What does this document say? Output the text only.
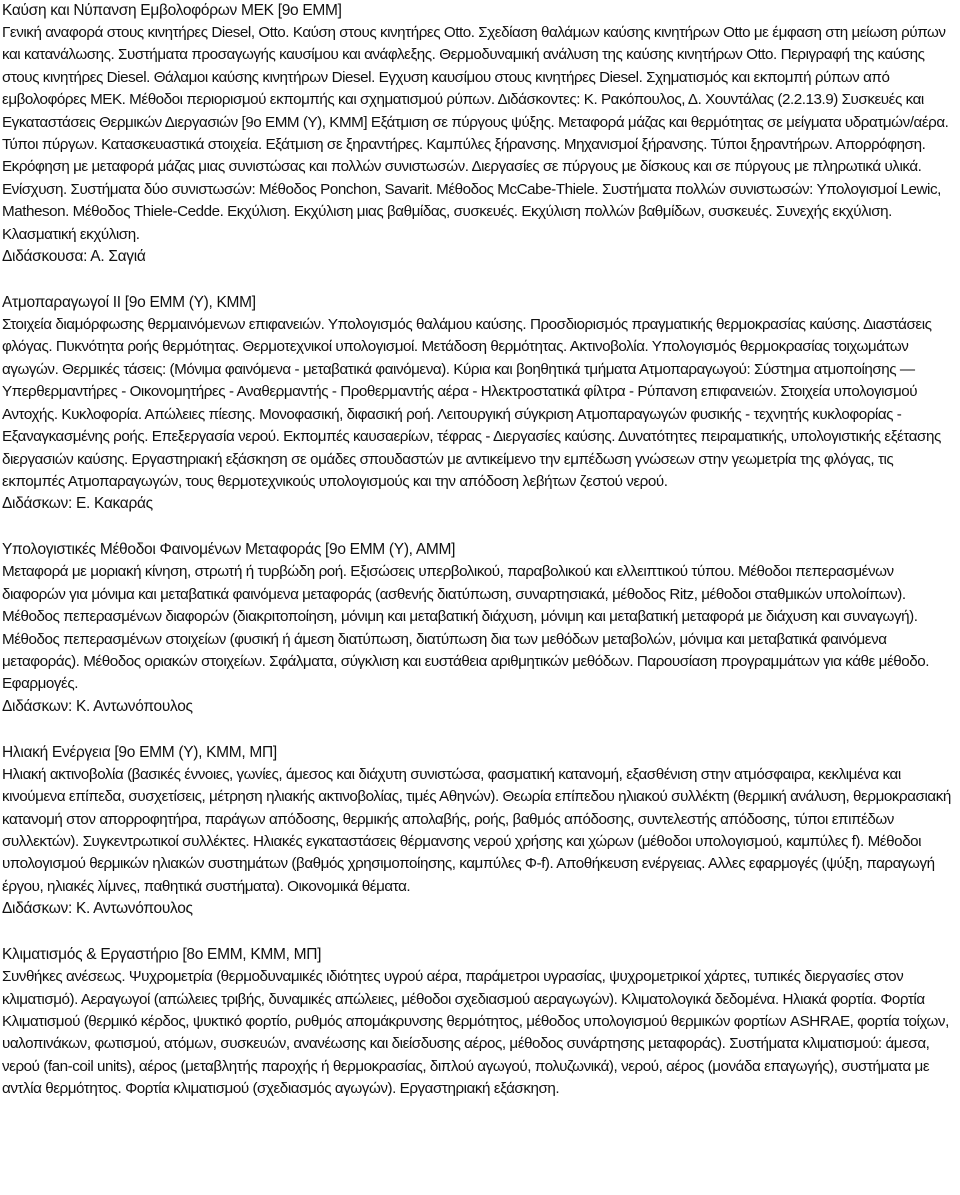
Καύση και Νύπανση Εμβολοφόρων ΜΕΚ [9ο ΕΜΜ]

Γενική αναφορά στους κινητήρες Diesel, Otto. Καύση στους κινητήρες Otto. Σχεδίαση θαλάμων καύσης κινητήρων Otto με έμφαση στη μείωση ρύπων και κατανάλωσης. Συστήματα προσαγωγής καυσίμου και ανάφλεξης. Θερμοδυναμική ανάλυση της καύσης κινητήρων Otto. Περιγραφή της καύσης στους κινητήρες Diesel. Θάλαμοι καύσης κινητήρων Diesel. Εγχυση καυσίμου στους κινητήρες Diesel. Σχηματισμός και εκπομπή ρύπων από εμβολοφόρες ΜΕΚ. Μέθοδοι περιορισμού εκπομπής και σχηματισμού ρύπων. Διδάσκοντες: Κ. Ρακόπουλος, Δ. Χουντάλας (2.2.13.9) Συσκευές και Εγκαταστάσεις Θερμικών Διεργασιών [9ο ΕΜΜ (Υ), ΚΜΜ] Εξάτμιση σε πύργους ψύξης. Μεταφορά μάζας και θερμότητας σε μείγματα υδρατμών/αέρα. Τύποι πύργων. Κατασκευαστικά στοιχεία. Εξάτμιση σε ξηραντήρες. Καμπύλες ξήρανσης. Μηχανισμοί ξήρανσης. Τύποι ξηραντήρων. Απορρόφηση. Εκρόφηση με μεταφορά μάζας μιας συνιστώσας και πολλών συνιστωσών. Διεργασίες σε πύργους με δίσκους και σε πύργους με πληρωτικά υλικά. Ενίσχυση. Συστήματα δύο συνιστωσών: Μέθοδος Ponchon, Savarit. Μέθοδος McCabe-Thiele. Συστήματα πολλών συνιστωσών: Υπολογισμοί Lewic, Matheson. Μέθοδος Thiele-Cedde. Εκχύλιση. Εκχύλιση μιας βαθμίδας, συσκευές. Εκχύλιση πολλών βαθμίδων, συσκευές. Συνεχής εκχύλιση. Κλασματική εκχύλιση.

Διδάσκουσα: Α. Σαγιά

Ατμοπαραγωγοί ΙΙ [9ο ΕΜΜ (Υ), ΚΜΜ]

Στοιχεία διαμόρφωσης θερμαινόμενων επιφανειών. Υπολογισμός θαλάμου καύσης. Προσδιορισμός πραγματικής θερμοκρασίας καύσης. Διαστάσεις φλόγας. Πυκνότητα ροής θερμότητας. Θερμοτεχνικοί υπολογισμοί. Μετάδοση θερμότητας. Ακτινοβολία. Υπολογισμός θερμοκρασίας τοιχωμάτων αγωγών. Θερμικές τάσεις: (Μόνιμα φαινόμενα - μεταβατικά φαινόμενα). Κύρια και βοηθητικά τμήματα Ατμοπαραγωγού: Σύστημα ατμοποίησης — Υπερθερμαντήρες - Οικονομητήρες - Αναθερμαντής - Προθερμαντής αέρα - Ηλεκτροστατικά φίλτρα - Ρύπανση επιφανειών. Στοιχεία υπολογισμού Αντοχής. Κυκλοφορία. Απώλειες πίεσης. Μονοφασική, διφασική ροή. Λειτουργική σύγκριση Ατμοπαραγωγών φυσικής - τεχνητής κυκλοφορίας - Εξαναγκασμένης ροής. Επεξεργασία νερού. Εκπομπές καυσαερίων, τέφρας - Διεργασίες καύσης. Δυνατότητες πειραματικής, υπολογιστικής εξέτασης διεργασιών καύσης. Εργαστηριακή εξάσκηση σε ομάδες σπουδαστών με αντικείμενο την εμπέδωση γνώσεων στην γεωμετρία της φλόγας, τις εκπομπές Ατμοπαραγωγών, τους θερμοτεχνικούς υπολογισμούς και την απόδοση λεβήτων ζεστού νερού.

Διδάσκων: Ε. Κακαράς

Υπολογιστικές Μέθοδοι Φαινομένων Μεταφοράς [9ο ΕΜΜ (Υ), ΑΜΜ]

Μεταφορά με μοριακή κίνηση, στρωτή ή τυρβώδη ροή. Εξισώσεις υπερβολικού, παραβολικού και ελλειπτικού τύπου. Μέθοδοι πεπερασμένων διαφορών για μόνιμα και μεταβατικά φαινόμενα μεταφοράς (ασθενής διατύπωση, συναρτησιακά, μέθοδος Ritz, μέθοδοι σταθμικών υπολοίπων). Μέθοδος πεπερασμένων διαφορών (διακριτοποίηση, μόνιμη και μεταβατική διάχυση, μόνιμη και μεταβατική μεταφορά με διάχυση και συναγωγή). Μέθοδος πεπερασμένων στοιχείων (φυσική ή άμεση διατύπωση, διατύπωση δια των μεθόδων μεταβολών, μόνιμα και μεταβατικά φαινόμενα μεταφοράς). Μέθοδος οριακών στοιχείων. Σφάλματα, σύγκλιση και ευστάθεια αριθμητικών μεθόδων. Παρουσίαση προγραμμάτων για κάθε μέθοδο. Εφαρμογές.

Διδάσκων: Κ. Αντωνόπουλος

Ηλιακή Ενέργεια [9ο ΕΜΜ (Υ), ΚΜΜ, ΜΠ]

Ηλιακή ακτινοβολία (βασικές έννοιες, γωνίες, άμεσος και διάχυτη συνιστώσα, φασματική κατανομή, εξασθένιση στην ατμόσφαιρα, κεκλιμένα και κινούμενα επίπεδα, συσχετίσεις, μέτρηση ηλιακής ακτινοβολίας, τιμές Αθηνών). Θεωρία επίπεδου ηλιακού συλλέκτη (θερμική ανάλυση, θερμοκρασιακή κατανομή στον απορροφητήρα, παράγων απόδοσης, θερμικής απολαβής, ροής, βαθμός απόδοσης, συντελεστής απόδοσης, τύποι επιπέδων συλλεκτών). Συγκεντρωτικοί συλλέκτες. Ηλιακές εγκαταστάσεις θέρμανσης νερού χρήσης και χώρων (μέθοδοι υπολογισμού, καμπύλες f). Μέθοδοι υπολογισμού θερμικών ηλιακών συστημάτων (βαθμός χρησιμοποίησης, καμπύλες Φ-f). Αποθήκευση ενέργειας. Αλλες εφαρμογές (ψύξη, παραγωγή έργου, ηλιακές λίμνες, παθητικά συστήματα). Οικονομικά θέματα.

Διδάσκων: Κ. Αντωνόπουλος

Κλιματισμός & Εργαστήριο [8ο ΕΜΜ, ΚΜΜ, ΜΠ]

Συνθήκες ανέσεως. Ψυχρομετρία (θερμοδυναμικές ιδιότητες υγρού αέρα, παράμετροι υγρασίας, ψυχρομετρικοί χάρτες, τυπικές διεργασίες στον κλιματισμό). Αεραγωγοί (απώλειες τριβής, δυναμικές απώλειες, μέθοδοι σχεδιασμού αεραγωγών). Κλιματολογικά δεδομένα. Ηλιακά φορτία. Φορτία Κλιματισμού (θερμικό κέρδος, ψυκτικό φορτίο, ρυθμός απομάκρυνσης θερμότητος, μέθοδος υπολογισμού θερμικών φορτίων ASHRAE, φορτία τοίχων, υαλοπινάκων, φωτισμού, ατόμων, συσκευών, ανανέωσης και διείσδυσης αέρος, μέθοδος συνάρτησης μεταφοράς). Συστήματα κλιματισμού: άμεσα, νερού (fan-coil units), αέρος (μεταβλητής παροχής ή θερμοκρασίας, διπλού αγωγού, πολυζωνικά), νερού, αέρος (μονάδα επαγωγής), συστήματα με αντλία θερμότητος. Φορτία κλιματισμού (σχεδιασμός αγωγών). Εργαστηριακή εξάσκηση.
